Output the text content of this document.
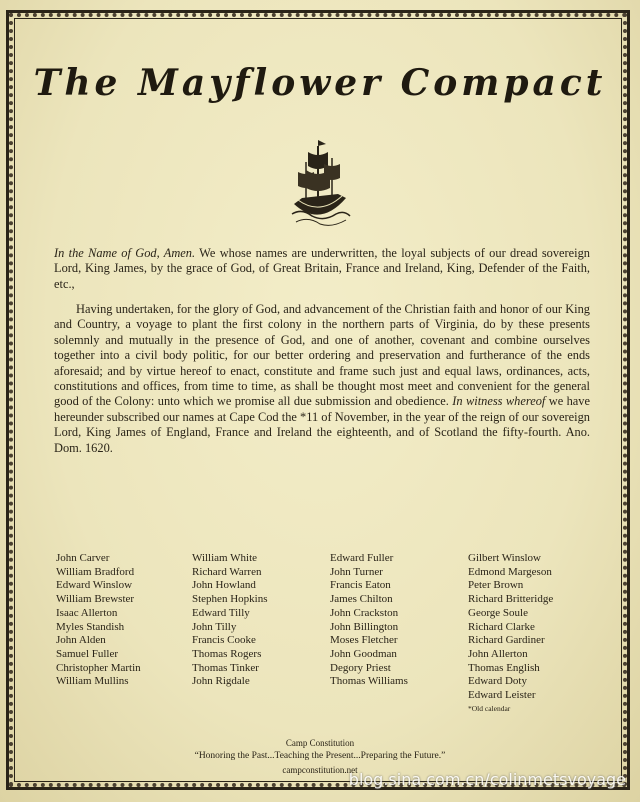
The Mayflower Compact
In the Name of God, Amen. We whose names are underwritten, the loyal subjects of our dread sovereign Lord, King James, by the grace of God, of Great Britain, France and Ireland, King, Defender of the Faith, etc.,
Having undertaken, for the glory of God, and advancement of the Christian faith and honor of our King and Country, a voyage to plant the first colony in the northern parts of Virginia, do by these presents solemnly and mutually in the presence of God, and one of another, covenant and combine ourselves together into a civil body politic, for our better ordering and preservation and furtherance of the ends aforesaid; and by virtue hereof to enact, constitute and frame such just and equal laws, ordinances, acts, constitutions and offices, from time to time, as shall be thought most meet and convenient for the general good of the Colony: unto which we promise all due submission and obedience. In witness whereof we have hereunder subscribed our names at Cape Cod the *11 of November, in the year of the reign of our sovereign Lord, King James of England, France and Ireland the eighteenth, and of Scotland the fifty-fourth. Ano. Dom. 1620.
John Carver
William Bradford
Edward Winslow
William Brewster
Isaac Allerton
Myles Standish
John Alden
Samuel Fuller
Christopher Martin
William Mullins
William White
Richard Warren
John Howland
Stephen Hopkins
Edward Tilly
John Tilly
Francis Cooke
Thomas Rogers
Thomas Tinker
John Rigdale
Edward Fuller
John Turner
Francis Eaton
James Chilton
John Crackston
John Billington
Moses Fletcher
John Goodman
Degory Priest
Thomas Williams
Gilbert Winslow
Edmond Margeson
Peter Brown
Richard Britteridge
George Soule
Richard Clarke
Richard Gardiner
John Allerton
Thomas English
Edward Doty
Edward Leister
*Old calendar
Camp Constitution
“Honoring the Past...Teaching the Present...Preparing the Future.”
campconstitution.net
blog.sina.com.cn/colinmetsvoyage
